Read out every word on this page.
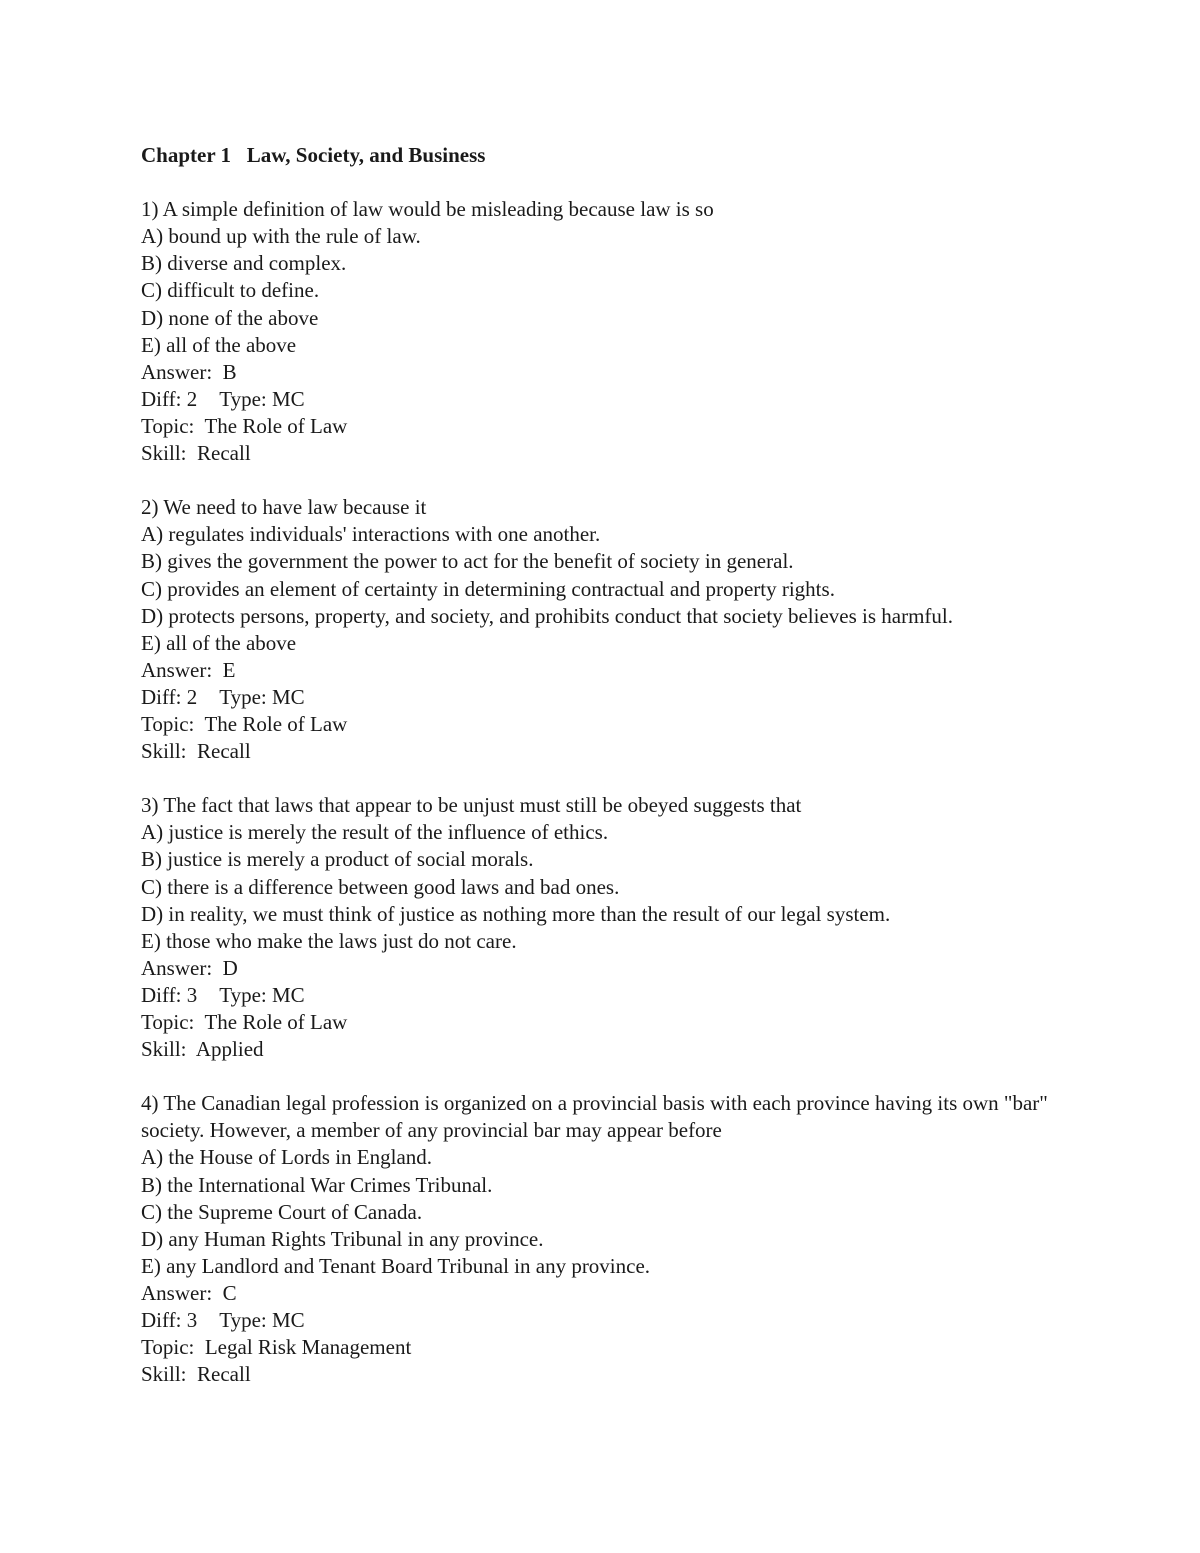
Chapter 1 Law, Society, and Business
1) A simple definition of law would be misleading because law is so
A) bound up with the rule of law.
B) diverse and complex.
C) difficult to define.
D) none of the above
E) all of the above
Answer:  B
Diff: 2 Type: MC
Topic:  The Role of Law
Skill:  Recall
2) We need to have law because it
A) regulates individuals' interactions with one another.
B) gives the government the power to act for the benefit of society in general.
C) provides an element of certainty in determining contractual and property rights.
D) protects persons, property, and society, and prohibits conduct that society believes is harmful.
E) all of the above
Answer:  E
Diff: 2 Type: MC
Topic:  The Role of Law
Skill:  Recall
3) The fact that laws that appear to be unjust must still be obeyed suggests that
A) justice is merely the result of the influence of ethics.
B) justice is merely a product of social morals.
C) there is a difference between good laws and bad ones.
D) in reality, we must think of justice as nothing more than the result of our legal system.
E) those who make the laws just do not care.
Answer:  D
Diff: 3 Type: MC
Topic:  The Role of Law
Skill:  Applied
4) The Canadian legal profession is organized on a provincial basis with each province having its own "bar" society. However, a member of any provincial bar may appear before
A) the House of Lords in England.
B) the International War Crimes Tribunal.
C) the Supreme Court of Canada.
D) any Human Rights Tribunal in any province.
E) any Landlord and Tenant Board Tribunal in any province.
Answer:  C
Diff: 3 Type: MC
Topic:  Legal Risk Management
Skill:  Recall
